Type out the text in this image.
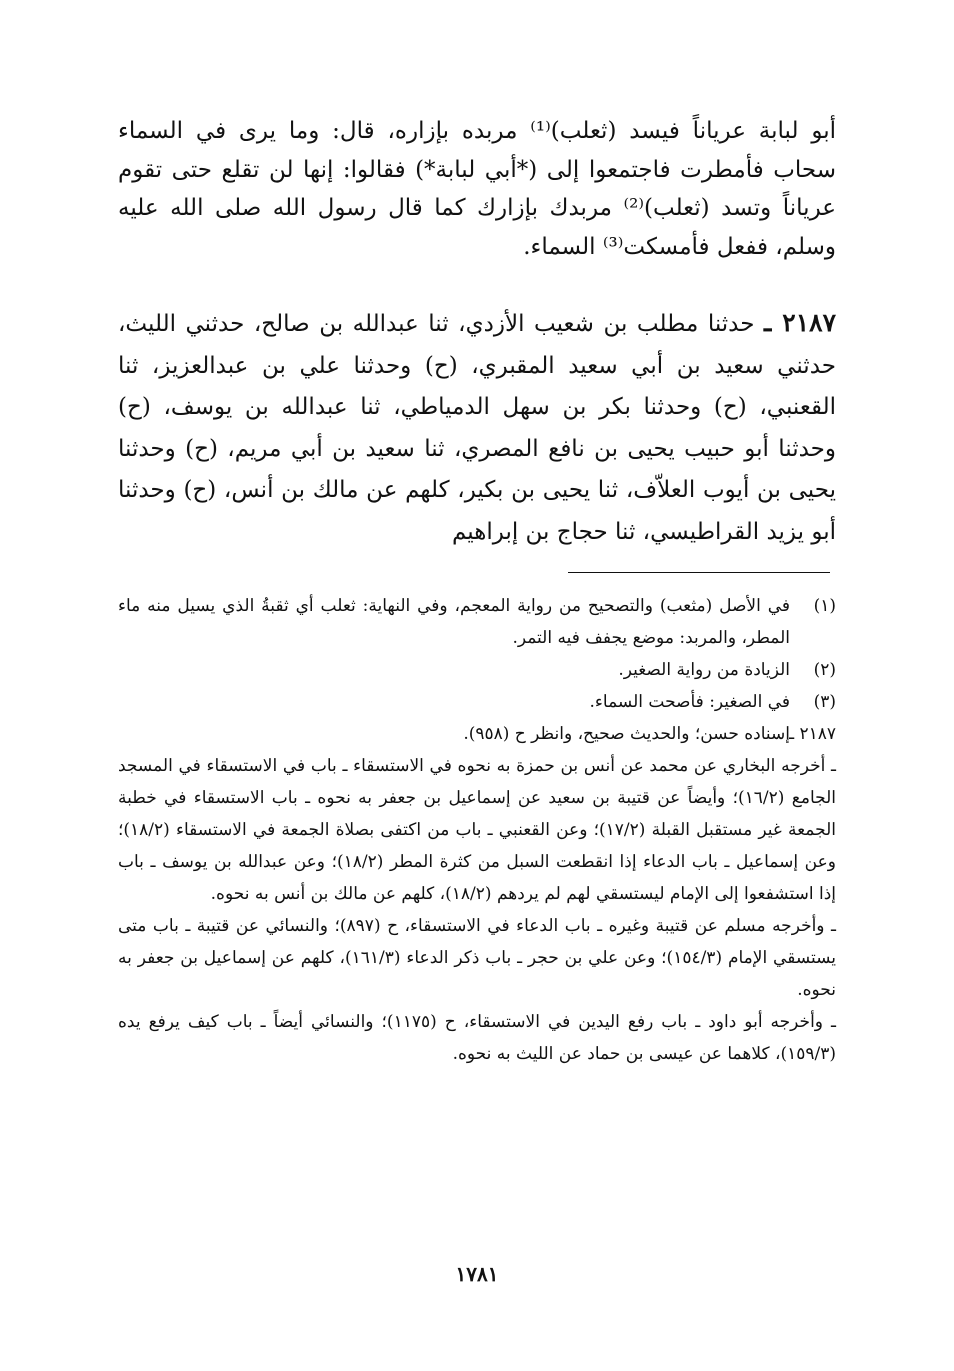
أبو لبابة عرياناً فيسد (ثعلب)⁽¹⁾ مربده بإزاره، قال: وما يرى في السماء سحاب فأمطرت فاجتمعوا إلى (*أبي لبابة*) فقالوا: إنها لن تقلع حتى تقوم عرياناً وتسد (ثعلب)⁽²⁾ مربدك بإزارك كما قال رسول الله صلى الله عليه وسلم، ففعل فأمسكت⁽³⁾ السماء.

٢١٨٧ ـ حدثنا مطلب بن شعيب الأزدي، ثنا عبدالله بن صالح، حدثني الليث، حدثني سعيد بن أبي سعيد المقبري، (ح) وحدثنا علي بن عبدالعزيز، ثنا القعنبي، (ح) وحدثنا بكر بن سهل الدمياطي، ثنا عبدالله بن يوسف، (ح) وحدثنا أبو حبيب يحيى بن نافع المصري، ثنا سعيد بن أبي مريم، (ح) وحدثنا يحيى بن أيوب العلاّف، ثنا يحيى بن بكير، كلهم عن مالك بن أنس، (ح) وحدثنا أبو يزيد القراطيسي، ثنا حجاج بن إبراهيم
(١)
في الأصل (مثعب) والتصحيح من رواية المعجم، وفي النهاية: ثعلب أي ثقبةُ الذي يسيل منه ماء المطر، والمربد: موضع يجفف فيه التمر.
(٢)
الزيادة من رواية الصغير.
(٣)
في الصغير: فأصحت السماء.
٢١٨٧ ـ

إسناده حسن؛ والحديث صحيح، وانظر ح (٩٥٨).

ـ أخرجه البخاري عن محمد عن أنس بن حمزة به نحوه في الاستسقاء ـ باب في الاستسقاء في المسجد الجامع (١٦/٢)؛ وأيضاً عن قتيبة بن سعيد عن إسماعيل بن جعفر به نحوه ـ باب الاستسقاء في خطبة الجمعة غير مستقبل القبلة (١٧/٢)؛ وعن القعنبي ـ باب من اكتفى بصلاة الجمعة في الاستسقاء (١٨/٢)؛ وعن إسماعيل ـ باب الدعاء إذا انقطعت السبل من كثرة المطر (١٨/٢)؛ وعن عبدالله بن يوسف ـ باب إذا استشفعوا إلى الإمام ليستسقي لهم لم يردهم (١٨/٢)، كلهم عن مالك بن أنس به نحوه.

ـ وأخرجه مسلم عن قتيبة وغيره ـ باب الدعاء في الاستسقاء، ح (٨٩٧)؛ والنسائي عن قتيبة ـ باب متى يستسقي الإمام (١٥٤/٣)؛ وعن علي بن حجر ـ باب ذكر الدعاء (١٦١/٣)، كلهم عن إسماعيل بن جعفر به نحوه.

ـ وأخرجه أبو داود ـ باب رفع اليدين في الاستسقاء، ح (١١٧٥)؛ والنسائي أيضاً ـ باب كيف يرفع يده (١٥٩/٣)، كلاهما عن عيسى بن حماد عن الليث به نحوه.

١٧٨١
